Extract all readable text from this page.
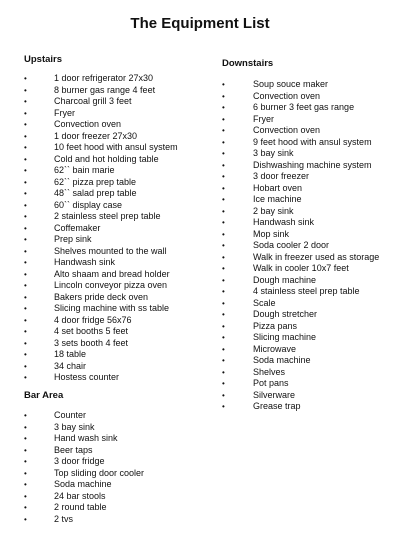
The Equipment List
Upstairs
•	1 door refrigerator 27x30
•	8 burner gas range 4 feet
•	Charcoal grill 3 feet
•	Fryer
•	Convection oven
•	1 door freezer 27x30
•	10 feet hood with ansul system
•	Cold and hot holding table
•	62`` bain marie
•	62`` pizza prep table
•	48`` salad prep table
•	60`` display case
•	2 stainless steel prep table
•	Coffemaker
•	Prep sink
•	Shelves mounted to the wall
•	Handwash sink
•	Alto shaam and bread holder
•	Lincoln conveyor pizza oven
•	Bakers pride deck oven
•	Slicing machine with ss table
•	4 door fridge 56x76
•	4 set booths 5 feet
•	3 sets booth 4 feet
•	18 table
•	34 chair
•	Hostess counter
Bar Area
•	Counter
•	3 bay sink
•	Hand wash sink
•	Beer taps
•	3 door fridge
•	Top sliding door cooler
•	Soda machine
•	24 bar stools
•	2 round table
•	2 tvs
Downstairs
•	Soup souce maker
•	Convection oven
•	6 burner 3 feet gas range
•	Fryer
•	Convection oven
•	9 feet hood with ansul system
•	3 bay sink
•	Dishwashing machine system
•	3 door freezer
•	Hobart oven
•	Ice machine
•	2 bay sink
•	Handwash sink
•	Mop sink
•	Soda cooler 2 door
•	Walk in freezer used as storage
•	Walk in cooler 10x7 feet
•	Dough machine
•	4 stainless steel prep table
•	Scale
•	Dough stretcher
•	Pizza pans
•	Slicing machine
•	Microwave
•	Soda machine
•	Shelves
•	Pot pans
•	Silverware
•	Grease trap
